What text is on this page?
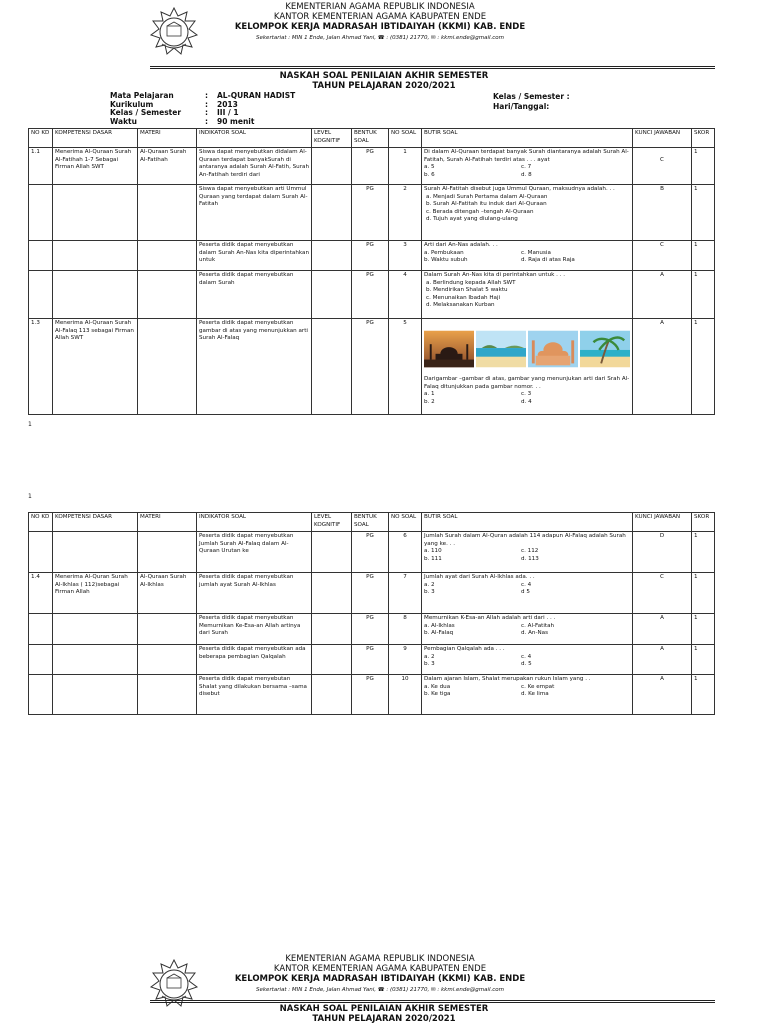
KEMENTERIAN AGAMA REPUBLIK INDONESIA
KANTOR KEMENTERIAN AGAMA KABUPATEN ENDE
KELOMPOK KERJA MADRASAH IBTIDAIYAH (KKMI) KAB. ENDE
Sekertariat : MIN 1 Ende, Jalan Ahmad Yani, ☎ : (0381) 21770, ✉ : kkmi.ende@gmail.com
NASKAH SOAL PENILAIAN AKHIR SEMESTER
TAHUN PELAJARAN 2020/2021
Mata Pelajaran	:	AL-QURAN HADIST
Kurikulum	:	2013
Kelas / Semester	:	III / 1
Waktu	:	90 menit
Kelas / Semester :
Hari/Tanggal:
NO KD	KOMPETENSI DASAR	MATERI	INDIKATOR SOAL	LEVEL KOGNITIF	BENTUK SOAL	NO SOAL	BUTIR SOAL	KUNCI JAWABAN	SKOR
1.1	Menerima Al-Quraan Surah Al-Fatihah 1-7 Sebagai Firman Allah SWT	Al-Quraan Surah Al-Fatihah	Siswa dapat menyebutkan didalam Al-Quraan terdapat banyakSurah di antaranya adalah Surah Al-Fatih, Surah An-Fatihah terdiri dari		PG	1	Di dalam Al-Quraan terdapat banyak Surah diantaranya adalah Surah Al-Fatitah, Surah Al-Fatihah terdiri atas . . . ayat
a. 5 c. 7
b. 6 d. 8	C	1
			Siswa dapat menyebutkan arti Ummul Quraan yang terdapat dalam Surah Al-Fatitah		PG	2	Surah Al-Fatitah disebut juga Ummul Quraan, maksudnya adalah. . .
a. Menjadi Surah Pertama dalam Al-Quraan
b. Surah Al-Fatitah itu induk dari Al-Quraan
c. Berada ditengah –tengah Al-Quraan
d. Tujuh ayat yang diulang-ulang	B	1
			Peserta didik dapat menyebutkan dalam Surah An-Nas kita diperintahkan untuk		PG	3	Arti dari An-Nas adalah. . .
a. Pembukaan c. Manusia
b. Waktu subuh d. Raja di atas Raja	C	1
			Peserta didik dapat menyebutkan dalam Surah		PG	4	Dalam Surah An-Nas kita di perintahkan untuk . . .
a. Berlindung kepada Allah SWT
b. Mendirikan Shalat 5 waktu
c. Menunaikan Ibadah Haji
d. Melaksanakan Kurban	A	1
1.3	Menerima Al-Quraan Surah Al-Falaq 113 sebagai Firman Allah SWT		Peserta didik dapat menyebutkan gambar di atas yang menunjukkan arti Surah Al-Falaq		PG	5	Darigambar –gambar di atas, gambar yang menunjukan arti dari Srah Al-Falaq ditunjukkan pada gambar nomor. . .
a. 1 c. 3
b. 2 d. 4	A	1
1
1
NO KD	KOMPETENSI DASAR	MATERI	INDIKATOR SOAL	LEVEL KOGNITIF	BENTUK SOAL	NO SOAL	BUTIR SOAL	KUNCI JAWABAN	SKOR
			Peserta didik dapat menyebutkan Jumlah Surah Al-Falaq dalam Al-Quraan Urutan ke		PG	6	Jumlah Surah dalam Al-Quran adalah 114 adapun Al-Falaq adalah Surah yang ke. . .
a. 110 c. 112
b. 111 d. 113	D	1
1.4	Menerima Al-Quran Surah Al-Ikhlas ( 112)sebagai Firman Allah	Al-Quraan Surah Al-Ikhlas	Peserta didik dapat menyebutkan jumlah ayat Surah Al-Ikhlas		PG	7	Jumlah ayat dari Surah Al-Ikhlas ada. . .
a. 2 c. 4
b. 3 d 5	C	1
			Peserta didik dapat menyebutkan Memurnikan Ke-Esa-an Allah artinya dari Surah		PG	8	Memurnikan K-Esa-an Allah adalah arti dari . . .
a. Al-Ikhlas c. Al-Fatitah
b. Al-Falaq d. An-Nas	A	1
			Peserta didik dapat menyebutkan ada beberapa pembagian Qalqalah		PG	9	Pembagian Qalqalah ada . . .
a. 2 c. 4
b. 3 d. 5	A	1
			Peserta didik dapat menyebutan Shalat yang dilakukan bersama –sama disebut		PG	10	Dalam ajaran Islam, Shalat merupakan rukun Islam yang . .
a. Ke dua c. Ke empat
b. Ke tiga d. Ke lima	A	1
KEMENTERIAN AGAMA REPUBLIK INDONESIA
KANTOR KEMENTERIAN AGAMA KABUPATEN ENDE
KELOMPOK KERJA MADRASAH IBTIDAIYAH (KKMI) KAB. ENDE
Sekertariat : MIN 1 Ende, Jalan Ahmad Yani, ☎ : (0381) 21770, ✉ : kkmi.ende@gmail.com
NASKAH SOAL PENILAIAN AKHIR SEMESTER
TAHUN PELAJARAN 2020/2021
